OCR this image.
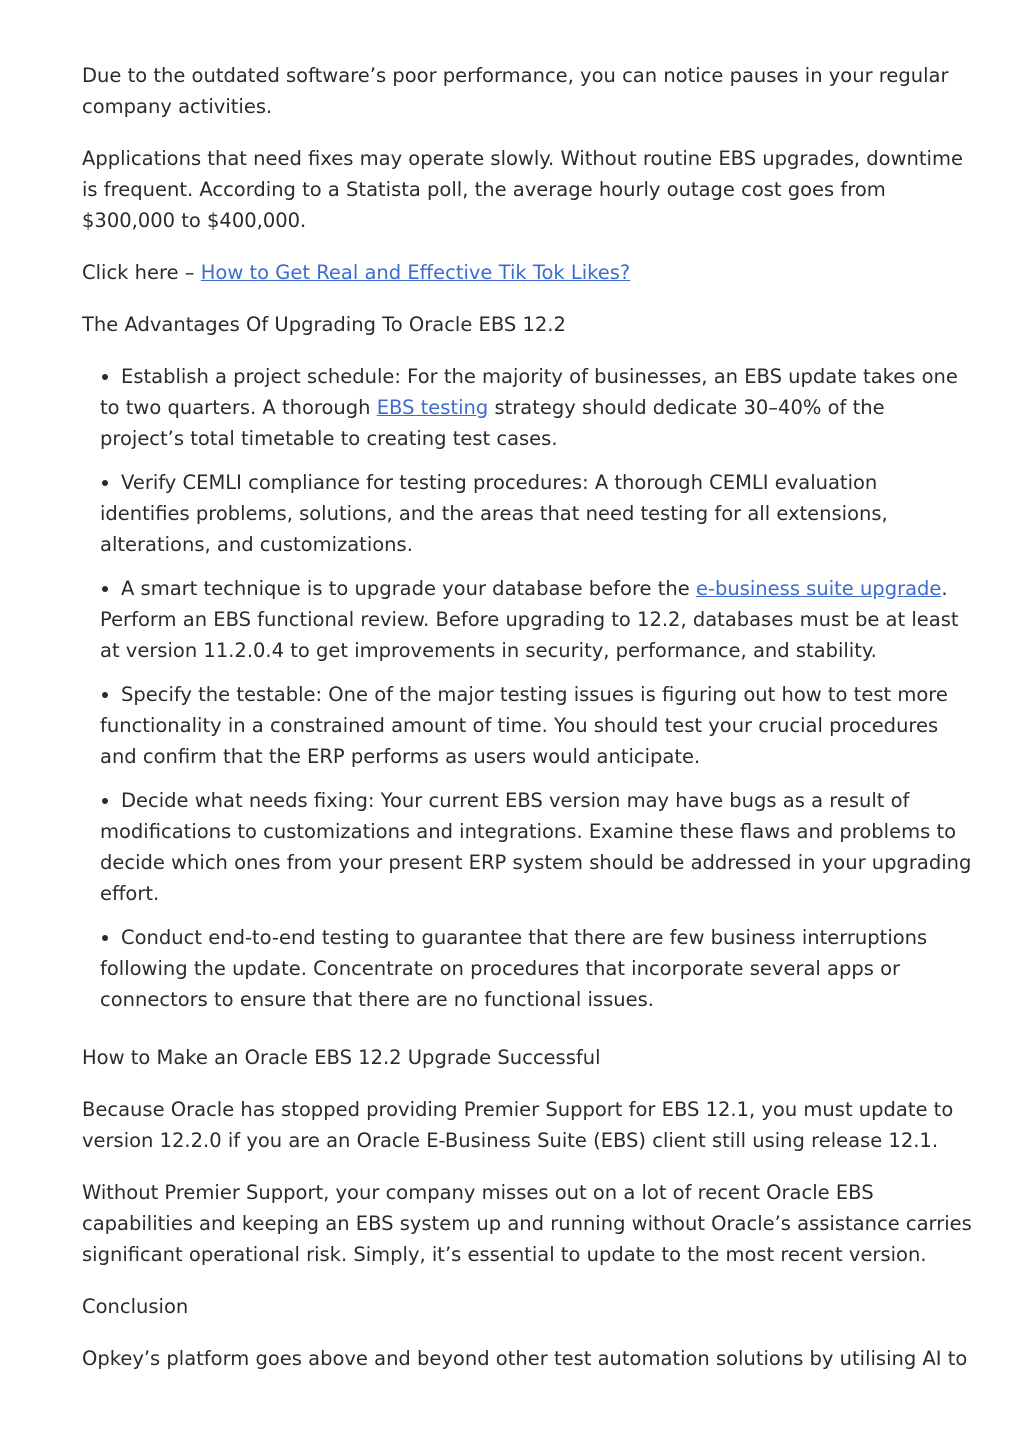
Due to the outdated software’s poor performance, you can notice pauses in your regular company activities.

Applications that need fixes may operate slowly. Without routine EBS upgrades, downtime is frequent. According to a Statista poll, the average hourly outage cost goes from $300,000 to $400,000.

Click here – How to Get Real and Effective Tik Tok Likes?

The Advantages Of Upgrading To Oracle EBS 12.2

Establish a project schedule: For the majority of businesses, an EBS update takes one to two quarters. A thorough EBS testing strategy should dedicate 30–40% of the project’s total timetable to creating test cases.
Verify CEMLI compliance for testing procedures: A thorough CEMLI evaluation identifies problems, solutions, and the areas that need testing for all extensions, alterations, and customizations.
A smart technique is to upgrade your database before the e-business suite upgrade. Perform an EBS functional review. Before upgrading to 12.2, databases must be at least at version 11.2.0.4 to get improvements in security, performance, and stability.
Specify the testable: One of the major testing issues is figuring out how to test more functionality in a constrained amount of time. You should test your crucial procedures and confirm that the ERP performs as users would anticipate.
Decide what needs fixing: Your current EBS version may have bugs as a result of modifications to customizations and integrations. Examine these flaws and problems to decide which ones from your present ERP system should be addressed in your upgrading effort.
Conduct end-to-end testing to guarantee that there are few business interruptions following the update. Concentrate on procedures that incorporate several apps or connectors to ensure that there are no functional issues.

How to Make an Oracle EBS 12.2 Upgrade Successful

Because Oracle has stopped providing Premier Support for EBS 12.1, you must update to version 12.2.0 if you are an Oracle E-Business Suite (EBS) client still using release 12.1.

Without Premier Support, your company misses out on a lot of recent Oracle EBS capabilities and keeping an EBS system up and running without Oracle’s assistance carries significant operational risk. Simply, it’s essential to update to the most recent version.

Conclusion

Opkey’s platform goes above and beyond other test automation solutions by utilising AI to
